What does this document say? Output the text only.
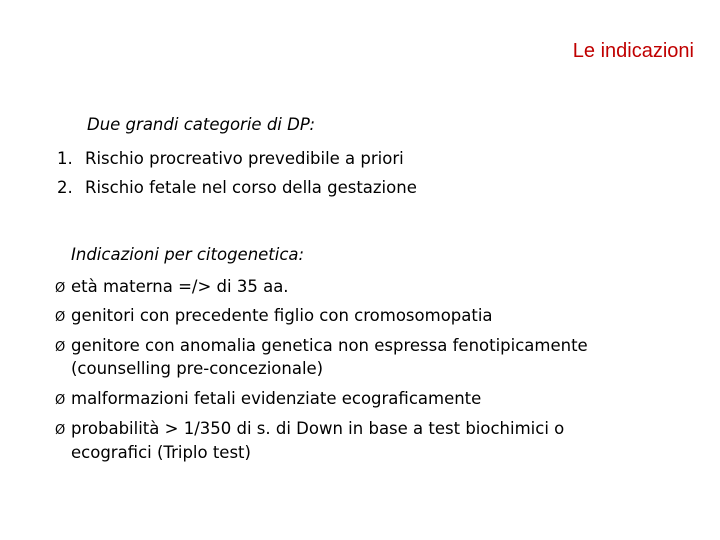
Le indicazioni
Due grandi categorie di DP:
1. Rischio procreativo prevedibile a priori
2. Rischio fetale nel corso della gestazione
Indicazioni per citogenetica:
Ø età materna =/> di 35 aa.
Ø genitori con precedente figlio con cromosomopatia
Ø genitore con anomalia genetica non espressa fenotipicamente
(counselling pre-concezionale)
Ø malformazioni fetali evidenziate ecograficamente
Ø probabilità > 1/350 di s. di Down in base a test biochimici o
ecografici (Triplo test)
